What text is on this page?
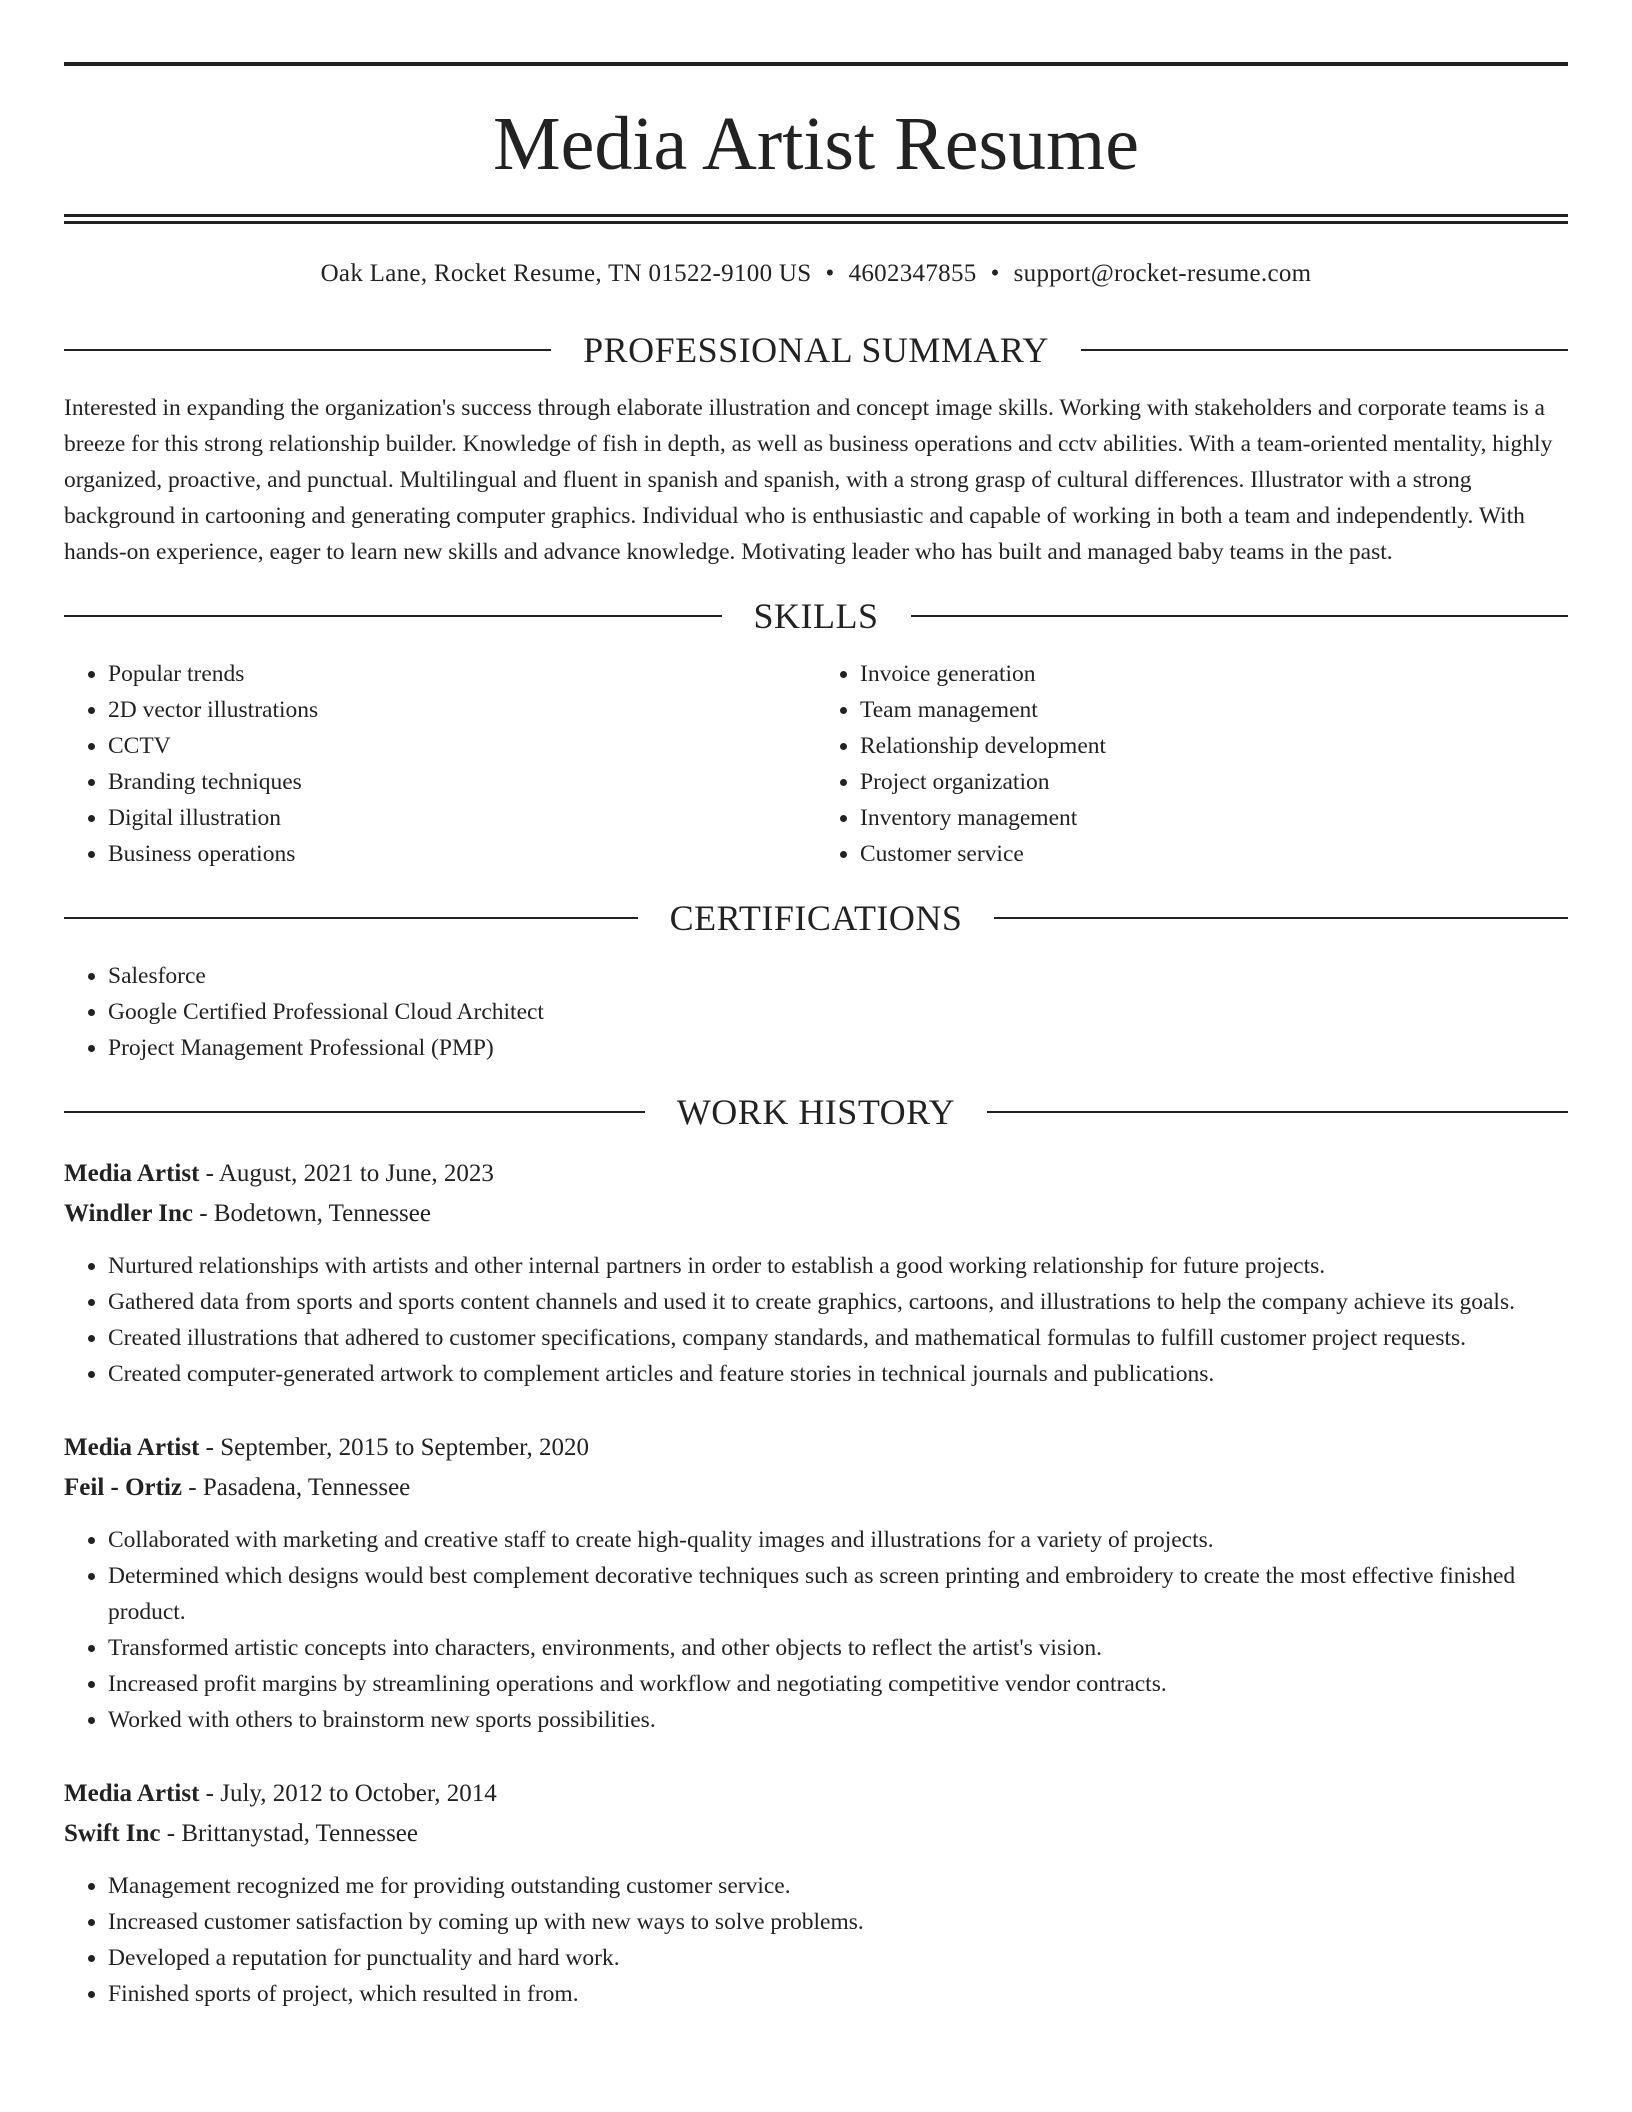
Media Artist Resume
Oak Lane, Rocket Resume, TN 01522-9100 US • 4602347855 • support@rocket-resume.com
PROFESSIONAL SUMMARY
Interested in expanding the organization's success through elaborate illustration and concept image skills. Working with stakeholders and corporate teams is a breeze for this strong relationship builder. Knowledge of fish in depth, as well as business operations and cctv abilities. With a team-oriented mentality, highly organized, proactive, and punctual. Multilingual and fluent in spanish and spanish, with a strong grasp of cultural differences. Illustrator with a strong background in cartooning and generating computer graphics. Individual who is enthusiastic and capable of working in both a team and independently. With hands-on experience, eager to learn new skills and advance knowledge. Motivating leader who has built and managed baby teams in the past.
SKILLS
• Popular trends
• 2D vector illustrations
• CCTV
• Branding techniques
• Digital illustration
• Business operations
• Invoice generation
• Team management
• Relationship development
• Project organization
• Inventory management
• Customer service
CERTIFICATIONS
• Salesforce
• Google Certified Professional Cloud Architect
• Project Management Professional (PMP)
WORK HISTORY
Media Artist - August, 2021 to June, 2023
Windler Inc - Bodetown, Tennessee
• Nurtured relationships with artists and other internal partners in order to establish a good working relationship for future projects.
• Gathered data from sports and sports content channels and used it to create graphics, cartoons, and illustrations to help the company achieve its goals.
• Created illustrations that adhered to customer specifications, company standards, and mathematical formulas to fulfill customer project requests.
• Created computer-generated artwork to complement articles and feature stories in technical journals and publications.
Media Artist - September, 2015 to September, 2020
Feil - Ortiz - Pasadena, Tennessee
• Collaborated with marketing and creative staff to create high-quality images and illustrations for a variety of projects.
• Determined which designs would best complement decorative techniques such as screen printing and embroidery to create the most effective finished product.
• Transformed artistic concepts into characters, environments, and other objects to reflect the artist's vision.
• Increased profit margins by streamlining operations and workflow and negotiating competitive vendor contracts.
• Worked with others to brainstorm new sports possibilities.
Media Artist - July, 2012 to October, 2014
Swift Inc - Brittanystad, Tennessee
• Management recognized me for providing outstanding customer service.
• Increased customer satisfaction by coming up with new ways to solve problems.
• Developed a reputation for punctuality and hard work.
• Finished sports of project, which resulted in from.
